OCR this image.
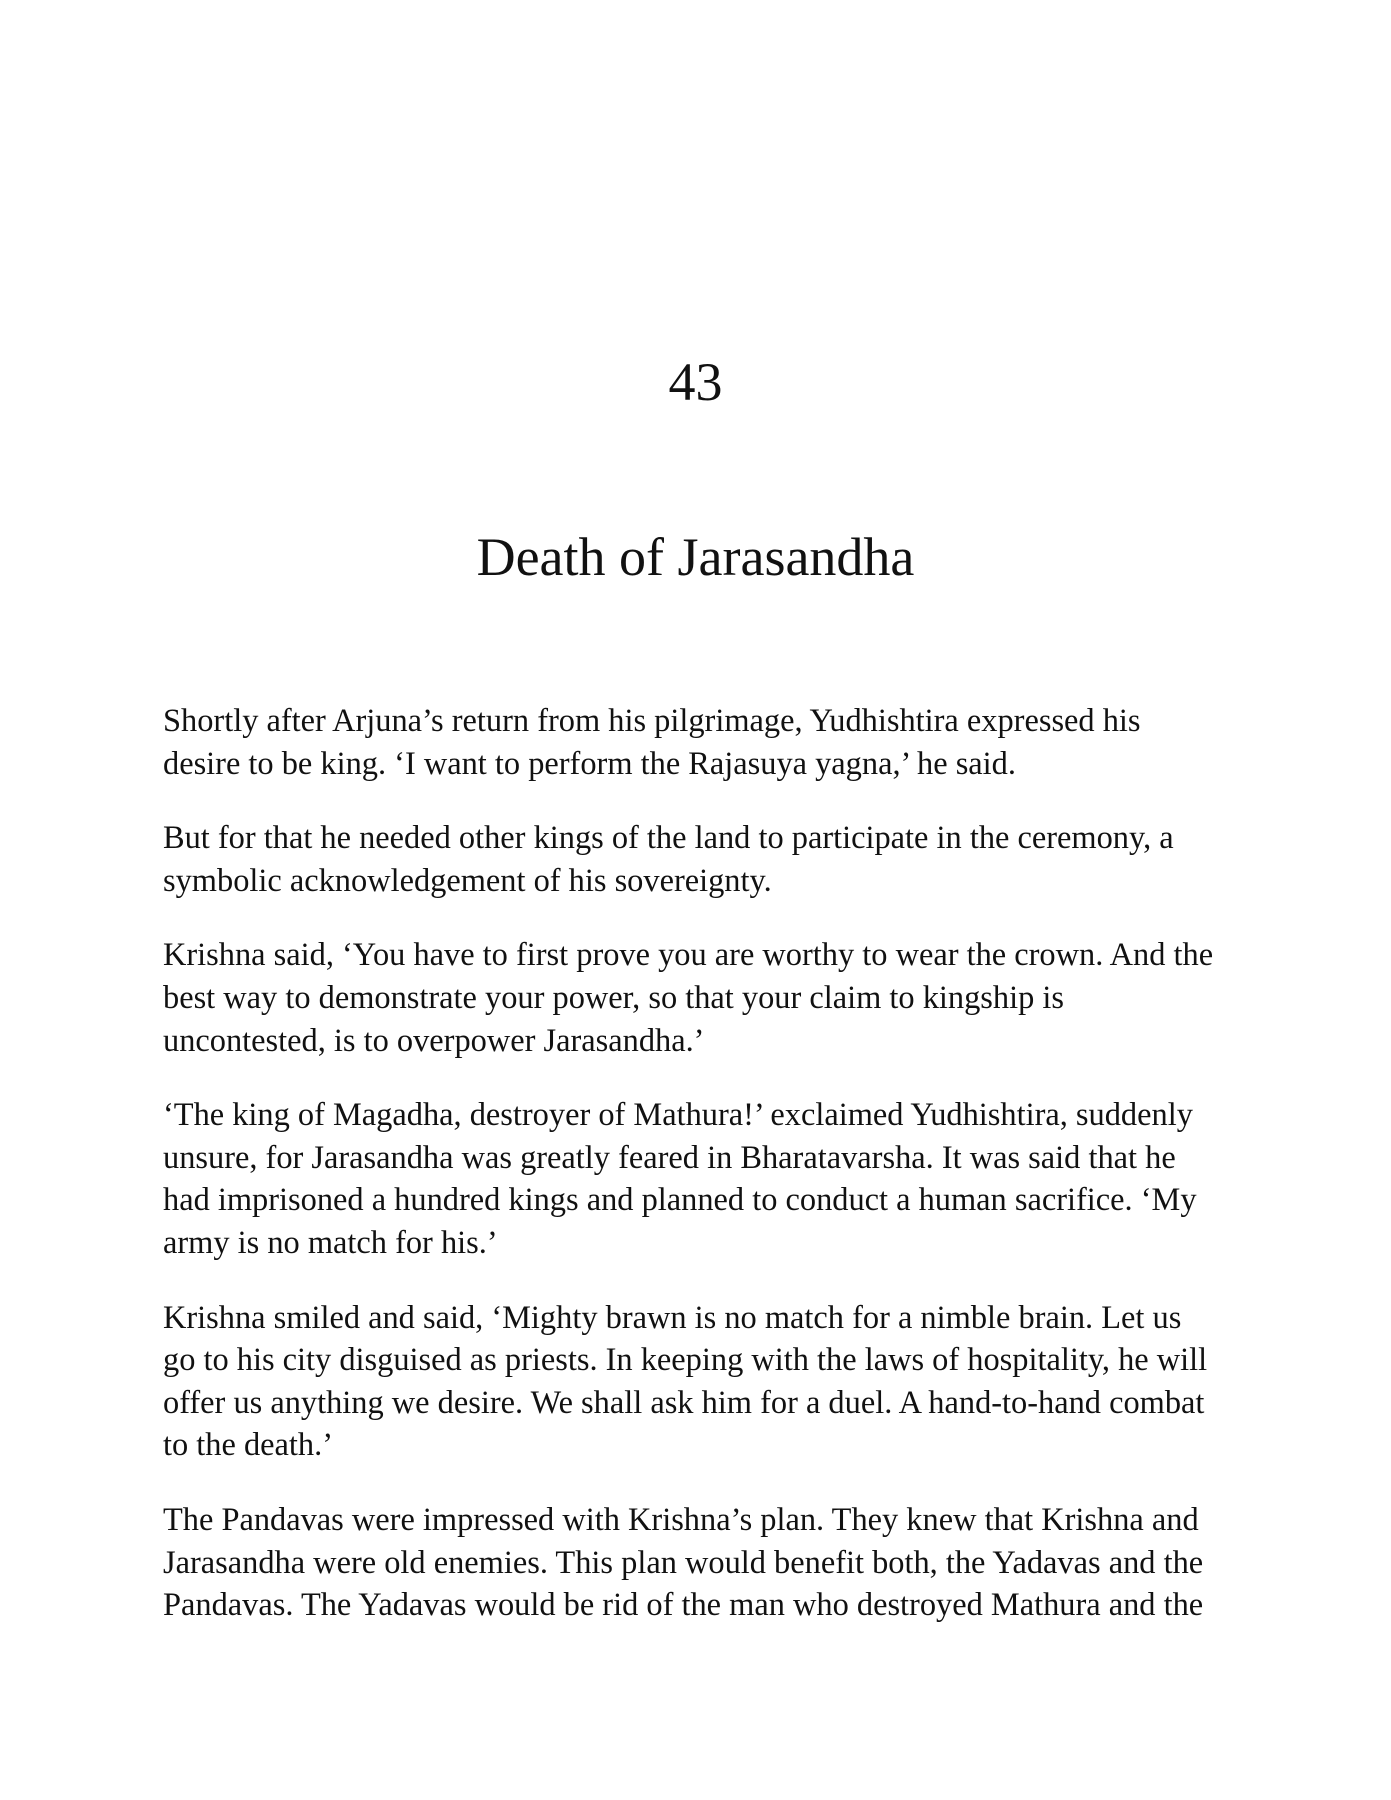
43
Death of Jarasandha

Shortly after Arjuna’s return from his pilgrimage, Yudhishtira expressed his
desire to be king. ‘I want to perform the Rajasuya yagna,’ he said.

But for that he needed other kings of the land to participate in the ceremony, a
symbolic acknowledgement of his sovereignty.

Krishna said, ‘You have to first prove you are worthy to wear the crown. And the
best way to demonstrate your power, so that your claim to kingship is
uncontested, is to overpower Jarasandha.’

‘The king of Magadha, destroyer of Mathura!’ exclaimed Yudhishtira, suddenly
unsure, for Jarasandha was greatly feared in Bharatavarsha. It was said that he
had imprisoned a hundred kings and planned to conduct a human sacrifice. ‘My
army is no match for his.’

Krishna smiled and said, ‘Mighty brawn is no match for a nimble brain. Let us
go to his city disguised as priests. In keeping with the laws of hospitality, he will
offer us anything we desire. We shall ask him for a duel. A hand-to-hand combat
to the death.’

The Pandavas were impressed with Krishna’s plan. They knew that Krishna and
Jarasandha were old enemies. This plan would benefit both, the Yadavas and the
Pandavas. The Yadavas would be rid of the man who destroyed Mathura and the
